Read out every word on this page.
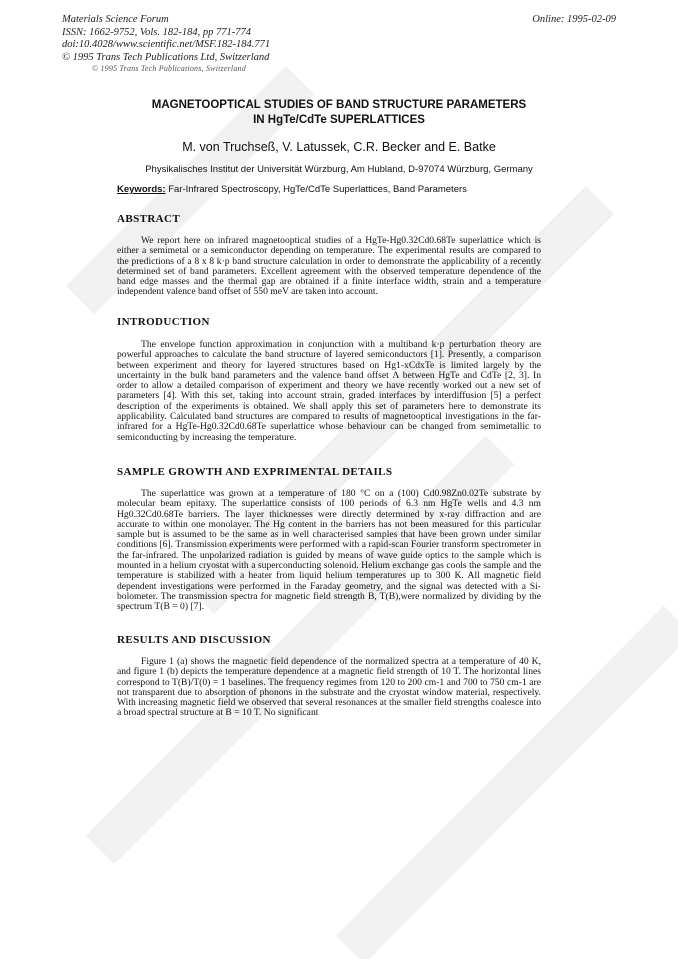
Materials Science Forum
ISSN: 1662-9752, Vols. 182-184, pp 771-774
doi:10.4028/www.scientific.net/MSF.182-184.771
© 1995 Trans Tech Publications Ltd, Switzerland
Online: 1995-02-09
© 1995 Trans Tech Publications, Switzerland
MAGNETOOPTICAL STUDIES OF BAND STRUCTURE PARAMETERS
IN HgTe/CdTe SUPERLATTICES
M. von Truchseß, V. Latussek, C.R. Becker and E. Batke
Physikalisches Institut der Universität Würzburg, Am Hubland, D-97074 Würzburg, Germany
Keywords: Far-Infrared Spectroscopy, HgTe/CdTe Superlattices, Band Parameters
ABSTRACT

We report here on infrared magnetooptical studies of a HgTe-Hg0.32Cd0.68Te superlattice which is either a semimetal or a semiconductor depending on temperature. The experimental results are compared to the predictions of a 8 x 8 k·p band structure calculation in order to demonstrate the applicability of a recently determined set of band parameters. Excellent agreement with the observed temperature dependence of the band edge masses and the thermal gap are obtained if a finite interface width, strain and a temperature independent valence band offset of 550 meV are taken into account.

INTRODUCTION

The envelope function approximation in conjunction with a multiband k·p perturbation theory are powerful approaches to calculate the band structure of layered semiconductors [1]. Presently, a comparison between experiment and theory for layered structures based on Hg1-xCdxTe is limited largely by the uncertainty in the bulk band parameters and the valence band offset Λ between HgTe and CdTe [2, 3]. In order to allow a detailed comparison of experiment and theory we have recently worked out a new set of parameters [4]. With this set, taking into account strain, graded interfaces by interdiffusion [5] a perfect description of the experiments is obtained. We shall apply this set of parameters here to demonstrate its applicability. Calculated band structures are compared to results of magnetooptical investigations in the far-infrared for a HgTe-Hg0.32Cd0.68Te superlattice whose behaviour can be changed from semimetallic to semiconducting by increasing the temperature.

SAMPLE GROWTH AND EXPRIMENTAL DETAILS

The superlattice was grown at a temperature of 180 °C on a (100) Cd0.98Zn0.02Te substrate by molecular beam epitaxy. The superlattice consists of 100 periods of 6.3 nm HgTe wells and 4.3 nm Hg0.32Cd0.68Te barriers. The layer thicknesses were directly determined by x-ray diffraction and are accurate to within one monolayer. The Hg content in the barriers has not been measured for this particular sample but is assumed to be the same as in well characterised samples that have been grown under similar conditions [6]. Transmission experiments were performed with a rapid-scan Fourier transform spectrometer in the far-infrared. The unpolarized radiation is guided by means of wave guide optics to the sample which is mounted in a helium cryostat with a superconducting solenoid. Helium exchange gas cools the sample and the temperature is stabilized with a heater from liquid helium temperatures up to 300 K. All magnetic field dependent investigations were performed in the Faraday geometry, and the signal was detected with a Si-bolometer. The transmission spectra for magnetic field strength B, T(B),were normalized by dividing by the spectrum T(B = 0) [7].

RESULTS AND DISCUSSION

Figure 1 (a) shows the magnetic field dependence of the normalized spectra at a temperature of 40 K, and figure 1 (b) depicts the temperature dependence at a magnetic field strength of 10 T. The horizontal lines correspond to T(B)/T(0) = 1 baselines. The frequency regimes from 120 to 200 cm-1 and 700 to 750 cm-1 are not transparent due to absorption of phonons in the substrate and the cryostat window material, respectively. With increasing magnetic field we observed that several resonances at the smaller field strengths coalesce into a broad spectral structure at B = 10 T. No significant
